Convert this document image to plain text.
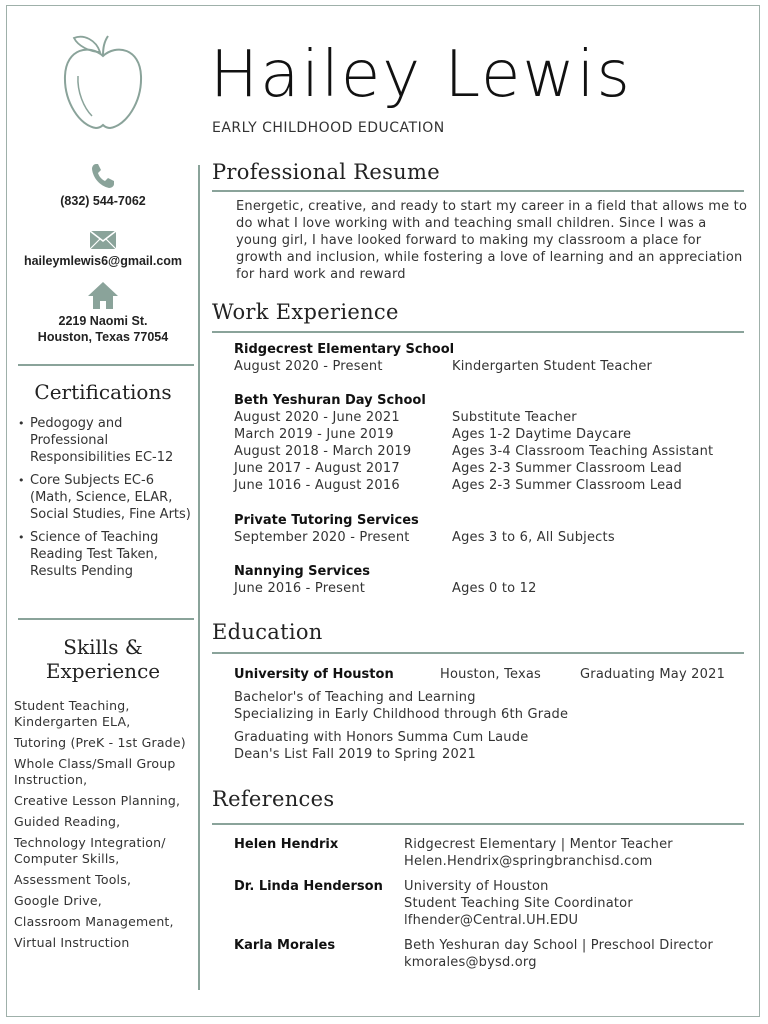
(832) 544-7062
haileymlewis6@gmail.com
2219 Naomi St.
Houston, Texas 77054
Certifications
• Pedogogy and Professional Responsibilities EC-12
• Core Subjects EC-6 (Math, Science, ELAR, Social Studies, Fine Arts)
• Science of Teaching Reading Test Taken, Results Pending
Skills &
Experience
Student Teaching, Kindergarten ELA,
Tutoring (PreK - 1st Grade)
Whole Class/Small Group Instruction,
Creative Lesson Planning,
Guided Reading,
Technology Integration/ Computer Skills,
Assessment Tools,
Google Drive,
Classroom Management,
Virtual Instruction
Hailey Lewis
EARLY CHILDHOOD EDUCATION
Professional Resume

Energetic, creative, and ready to start my career in a field that allows me to do what I love working with and teaching small children. Since I was a young girl, I have looked forward to making my classroom a place for growth and inclusion, while fostering a love of learning and an appreciation for hard work and reward

Work Experience
Ridgecrest Elementary School
August 2020 - Present	Kindergarten Student Teacher
Beth Yeshuran Day School
August 2020 - June 2021	Substitute Teacher
March 2019 - June 2019	Ages 1-2 Daytime Daycare
August 2018 - March 2019	Ages 3-4 Classroom Teaching Assistant
June 2017 - August 2017	Ages 2-3 Summer Classroom Lead
June 1016 - August 2016	Ages 2-3 Summer Classroom Lead
Private Tutoring Services
September 2020 - Present	Ages 3 to 6, All Subjects
Nannying Services
June 2016 - Present	Ages 0 to 12
Education
University of Houston	Houston, Texas	Graduating May 2021
Bachelor's of Teaching and Learning
Specializing in Early Childhood through 6th Grade
Graduating with Honors Summa Cum Laude
Dean's List Fall 2019 to Spring 2021
References
Helen Hendrix	Ridgecrest Elementary | Mentor Teacher
Helen.Hendrix@springbranchisd.com
Dr. Linda Henderson	University of Houston
Student Teaching Site Coordinator
lfhender@Central.UH.EDU
Karla Morales	Beth Yeshuran day School | Preschool Director
kmorales@bysd.org
